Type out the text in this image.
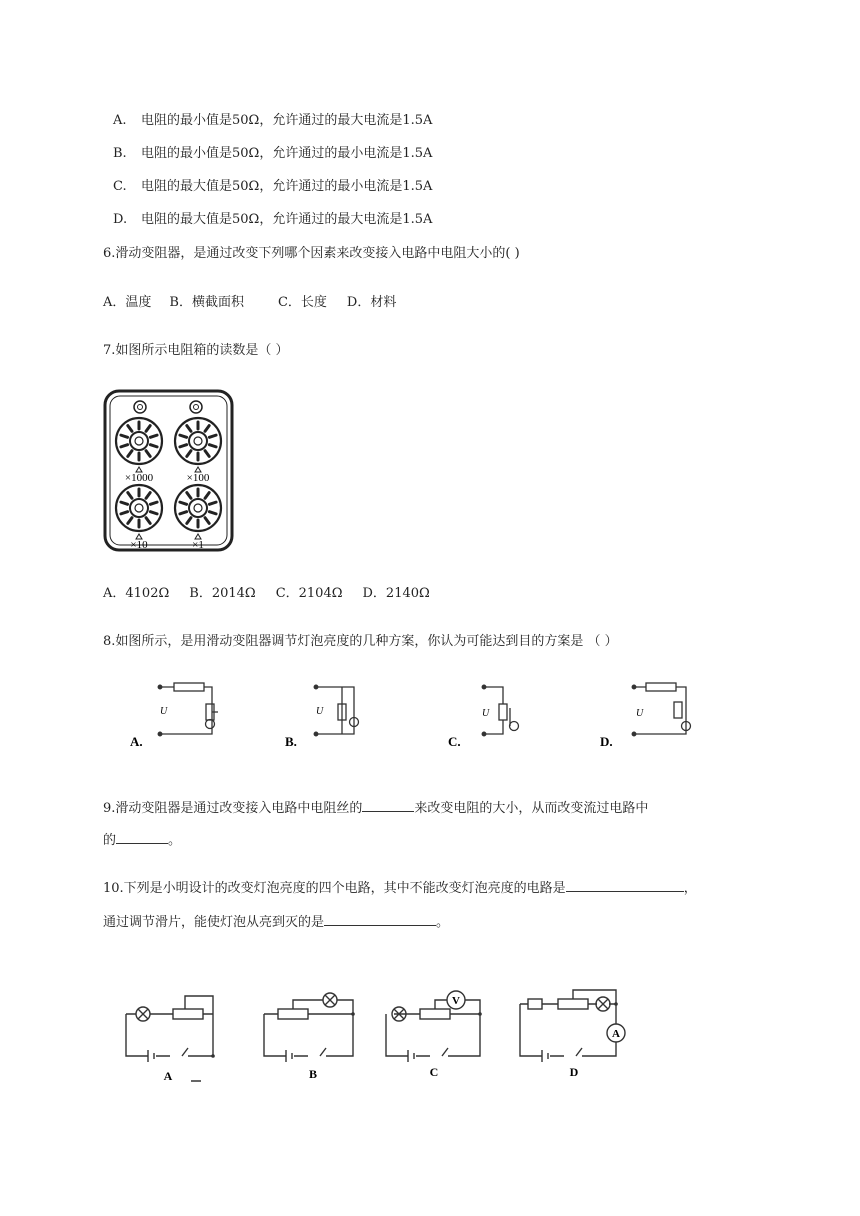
A. 电阻的最小值是50Ω，允许通过的最大电流是1.5A
B. 电阻的最小值是50Ω，允许通过的最小电流是1.5A
C. 电阻的最大值是50Ω，允许通过的最小电流是1.5A
D. 电阻的最大值是50Ω，允许通过的最大电流是1.5A
6.滑动变阻器，是通过改变下列哪个因素来改变接入电路中电阻大小的( )
A．温度 B．横截面积	C．长度 D．材料
7.如图所示电阻箱的读数是（ ）
×1000	×100
×10	×1
A．4102Ω B．2014Ω C．2104Ω D．2140Ω
8.如图所示，是用滑动变阻器调节灯泡亮度的几种方案，你认为可能达到目的方案是 （ ）
U	U	U	U
A.	B.	C.	D.
9.滑动变阻器是通过改变接入电路中电阻丝的	来改变电阻的大小，从而改变流过电路中
的	。
10.下列是小明设计的改变灯泡亮度的四个电路，其中不能改变灯泡亮度的电路是	，
通过调节滑片，能使灯泡从亮到灭的是	。
V
A
A	B	C	D
